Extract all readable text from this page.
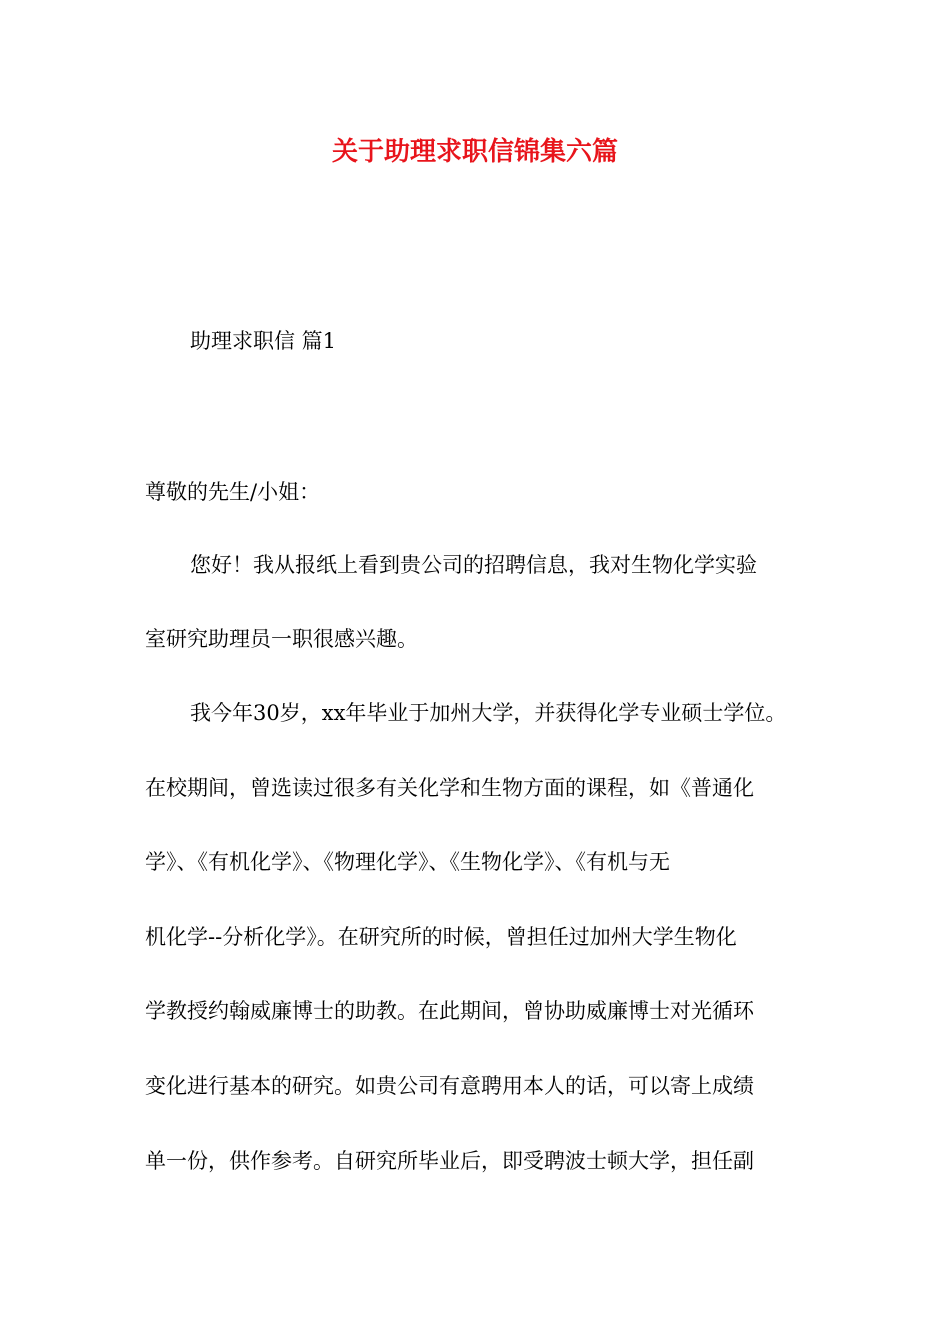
关于助理求职信锦集六篇
助理求职信 篇1
尊敬的先生/小姐：
您好！我从报纸上看到贵公司的招聘信息，我对生物化学实验
室研究助理员一职很感兴趣。
我今年30岁，xx年毕业于加州大学，并获得化学专业硕士学位。
在校期间，曾选读过很多有关化学和生物方面的课程，如《普通化
学》、《有机化学》、《物理化学》、《生物化学》、《有机与无
机化学--分析化学》。在研究所的时候，曾担任过加州大学生物化
学教授约翰威廉博士的助教。在此期间，曾协助威廉博士对光循环
变化进行基本的研究。如贵公司有意聘用本人的话，可以寄上成绩
单一份，供作参考。自研究所毕业后，即受聘波士顿大学，担任副
